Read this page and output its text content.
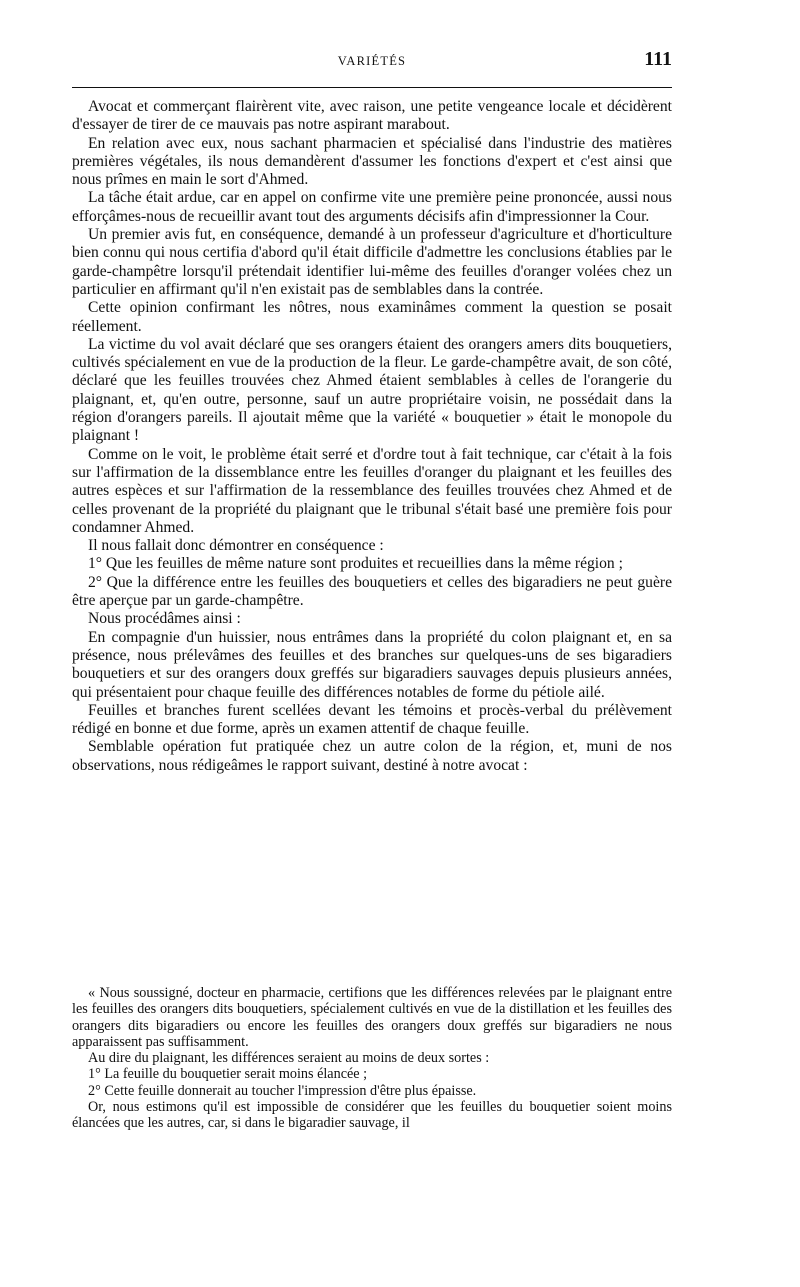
VARIÉTÉS	111

Avocat et commerçant flairèrent vite, avec raison, une petite vengeance locale et décidèrent d'essayer de tirer de ce mauvais pas notre aspirant marabout.

En relation avec eux, nous sachant pharmacien et spécialisé dans l'industrie des matières premières végétales, ils nous demandèrent d'assumer les fonctions d'expert et c'est ainsi que nous prîmes en main le sort d'Ahmed.

La tâche était ardue, car en appel on confirme vite une première peine prononcée, aussi nous efforçâmes-nous de recueillir avant tout des arguments décisifs afin d'impressionner la Cour.

Un premier avis fut, en conséquence, demandé à un professeur d'agriculture et d'horticulture bien connu qui nous certifia d'abord qu'il était difficile d'admettre les conclusions établies par le garde-champêtre lorsqu'il prétendait identifier lui-même des feuilles d'oranger volées chez un particulier en affirmant qu'il n'en existait pas de semblables dans la contrée.

Cette opinion confirmant les nôtres, nous examinâmes comment la question se posait réellement.

La victime du vol avait déclaré que ses orangers étaient des orangers amers dits bouquetiers, cultivés spécialement en vue de la production de la fleur. Le garde-champêtre avait, de son côté, déclaré que les feuilles trouvées chez Ahmed étaient semblables à celles de l'orangerie du plaignant, et, qu'en outre, personne, sauf un autre propriétaire voisin, ne possédait dans la région d'orangers pareils. Il ajoutait même que la variété « bouquetier » était le monopole du plaignant !

Comme on le voit, le problème était serré et d'ordre tout à fait technique, car c'était à la fois sur l'affirmation de la dissemblance entre les feuilles d'oranger du plaignant et les feuilles des autres espèces et sur l'affirmation de la ressemblance des feuilles trouvées chez Ahmed et de celles provenant de la propriété du plaignant que le tribunal s'était basé une première fois pour condamner Ahmed.

Il nous fallait donc démontrer en conséquence :

1° Que les feuilles de même nature sont produites et recueillies dans la même région ;

2° Que la différence entre les feuilles des bouquetiers et celles des bigaradiers ne peut guère être aperçue par un garde-champêtre.

Nous procédâmes ainsi :

En compagnie d'un huissier, nous entrâmes dans la propriété du colon plaignant et, en sa présence, nous prélevâmes des feuilles et des branches sur quelques-uns de ses bigaradiers bouquetiers et sur des orangers doux greffés sur bigaradiers sauvages depuis plusieurs années, qui présentaient pour chaque feuille des différences notables de forme du pétiole ailé.

Feuilles et branches furent scellées devant les témoins et procès-verbal du prélèvement rédigé en bonne et due forme, après un examen attentif de chaque feuille.

Semblable opération fut pratiquée chez un autre colon de la région, et, muni de nos observations, nous rédigeâmes le rapport suivant, destiné à notre avocat :

« Nous soussigné, docteur en pharmacie, certifions que les différences relevées par le plaignant entre les feuilles des orangers dits bouquetiers, spécialement cultivés en vue de la distillation et les feuilles des orangers dits bigaradiers ou encore les feuilles des orangers doux greffés sur bigaradiers ne nous apparaissent pas suffisamment.

Au dire du plaignant, les différences seraient au moins de deux sortes :

1° La feuille du bouquetier serait moins élancée ;

2° Cette feuille donnerait au toucher l'impression d'être plus épaisse.

Or, nous estimons qu'il est impossible de considérer que les feuilles du bouquetier soient moins élancées que les autres, car, si dans le bigaradier sauvage, il
